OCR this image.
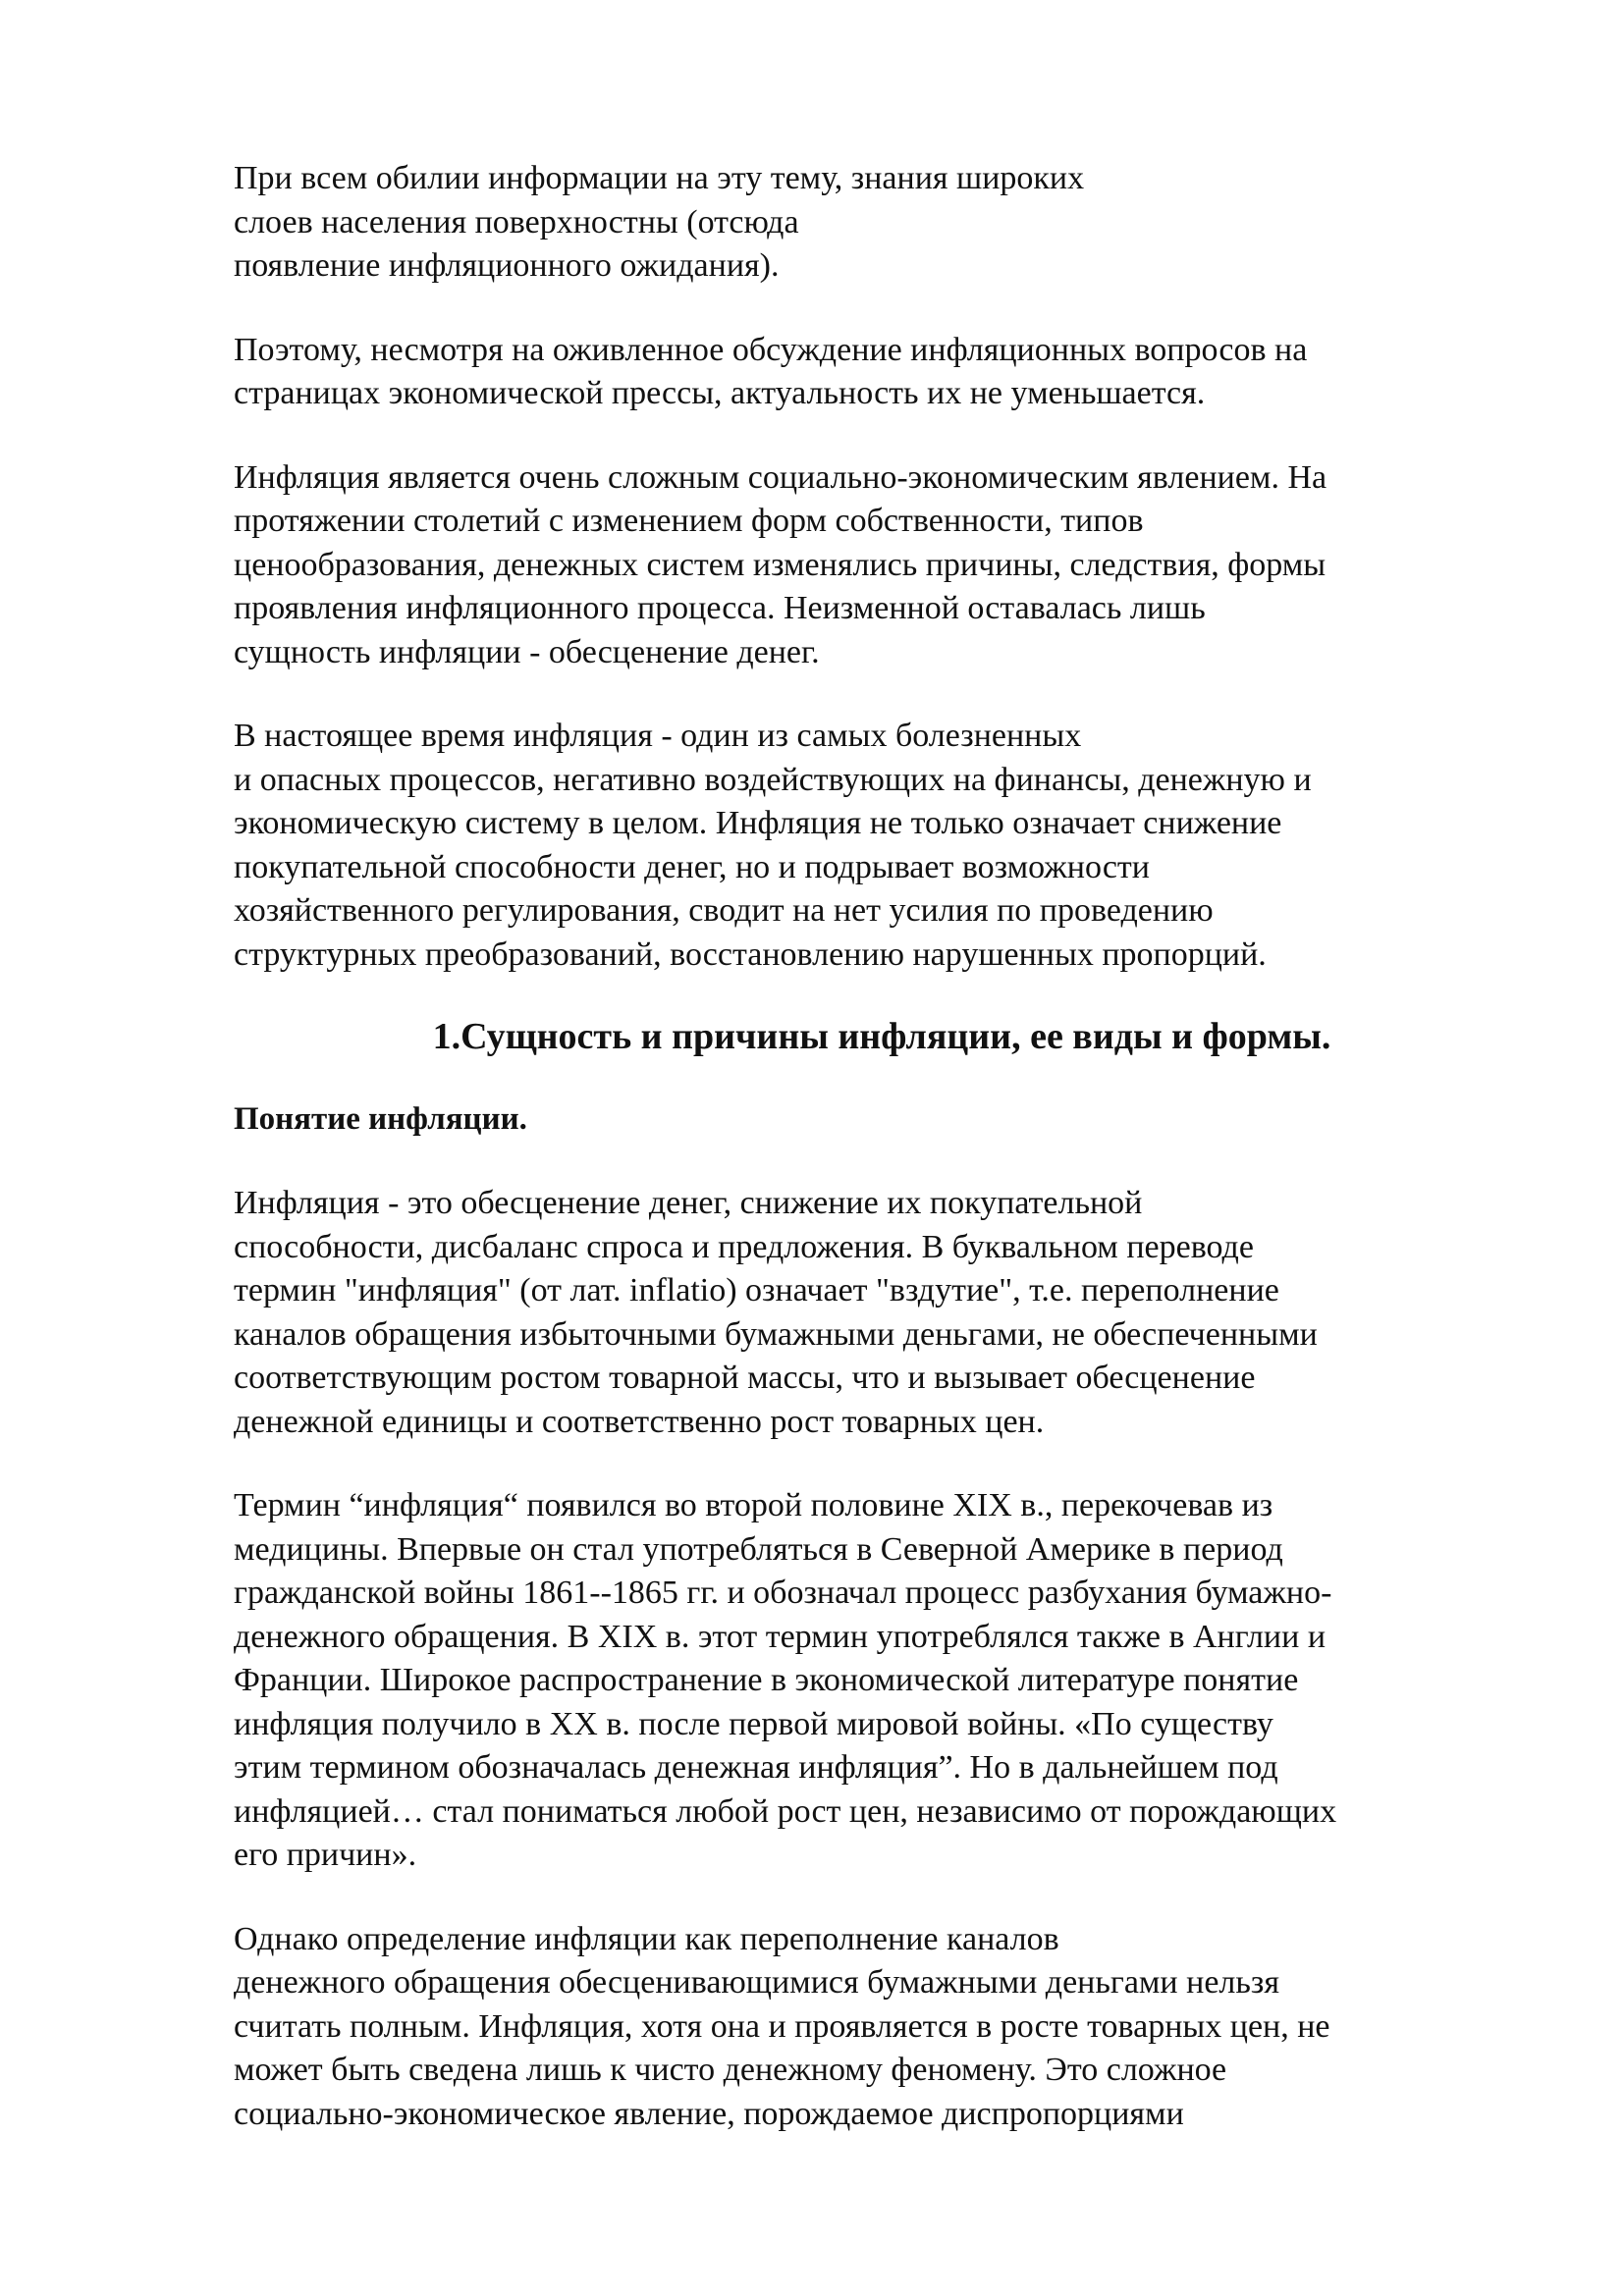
При всем обилии информации на эту тему, знания широких
слоев населения поверхностны (отсюда
появление инфляционного ожидания).
Поэтому, несмотря на оживленное обсуждение инфляционных вопросов на
страницах экономической прессы, актуальность их не уменьшается.
Инфляция является очень сложным социально-экономическим явлением. На
протяжении столетий с изменением форм собственности, типов
ценообразования, денежных систем изменялись причины, следствия, формы
проявления инфляционного процесса. Неизменной оставалась лишь
сущность инфляции - обесценение денег.
В настоящее время инфляция - один из самых болезненных
и опасных процессов, негативно воздействующих на финансы, денежную и
экономическую систему в целом. Инфляция не только означает снижение
покупательной способности денег, но и подрывает возможности
хозяйственного регулирования, сводит на нет усилия по проведению
структурных преобразований, восстановлению нарушенных пропорций.
1.Сущность и причины инфляции, ее виды и формы.
Понятие инфляции.
Инфляция - это обесценение денег, снижение их покупательной
способности, дисбаланс спроса и предложения. В буквальном переводе
термин "инфляция" (от лат. inflatio) означает "вздутие", т.е. переполнение
каналов обращения избыточными бумажными деньгами, не обеспеченными
соответствующим ростом товарной массы, что и вызывает обесценение
денежной единицы и соответственно рост товарных цен.
Термин “инфляция“ появился во второй половине XIX в., перекочевав из
медицины. Впервые он стал употребляться в Северной Америке в период
гражданской войны 1861--1865 гг. и обозначал процесс разбухания бумажно-
денежного обращения. В XIX в. этот термин употреблялся также в Англии и
Франции. Широкое распространение в экономической литературе понятие
инфляция получило в XX в. после первой мировой войны. «По существу
этим термином обозначалась денежная инфляция”. Но в дальнейшем под
инфляцией… стал пониматься любой рост цен, независимо от порождающих
его причин».
Однако определение инфляции как переполнение каналов
денежного обращения обесценивающимися бумажными деньгами нельзя
считать полным. Инфляция, хотя она и проявляется в росте товарных цен, не
может быть сведена лишь к чисто денежному феномену. Это сложное
социально-экономическое явление, порождаемое диспропорциями
